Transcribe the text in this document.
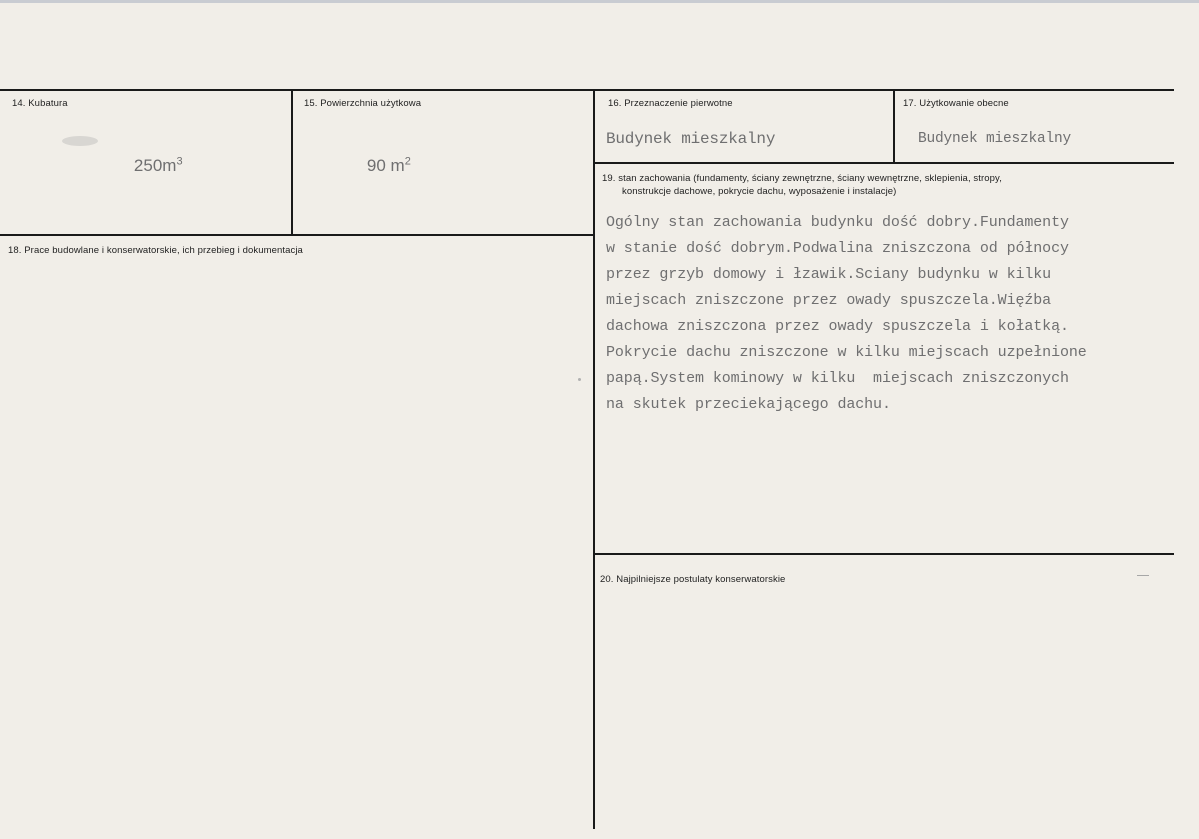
14. Kubatura

$250m^3$

15. Powierzchnia użytkowa

90 $m^2$

16. Przeznaczenie pierwotne
Budynek mieszkalny
17. Użytkowanie obecne
Budynek mieszkalny
18. Prace budowlane i konserwatorskie, ich przebieg i dokumentacja
19. stan zachowania (fundamenty, ściany zewnętrzne, ściany wewnętrzne, sklepienia, stropy,
konstrukcje dachowe, pokrycie dachu, wyposażenie i instalacje)
Ogólny stan zachowania budynku dość dobry.Fundamenty
w stanie dość dobrym.Podwalina zniszczona od północy
przez grzyb domowy i łzawik.Sciany budynku w kilku
miejscach zniszczone przez owady spuszczela.Więźba
dachowa zniszczona przez owady spuszczela i kołatką.
Pokrycie dachu zniszczone w kilku miejscach uzpełnione
papą.System kominowy w kilku  miejscach zniszczonych
na skutek przeciekającego dachu.
20. Najpilniejsze postulaty konserwatorskie
